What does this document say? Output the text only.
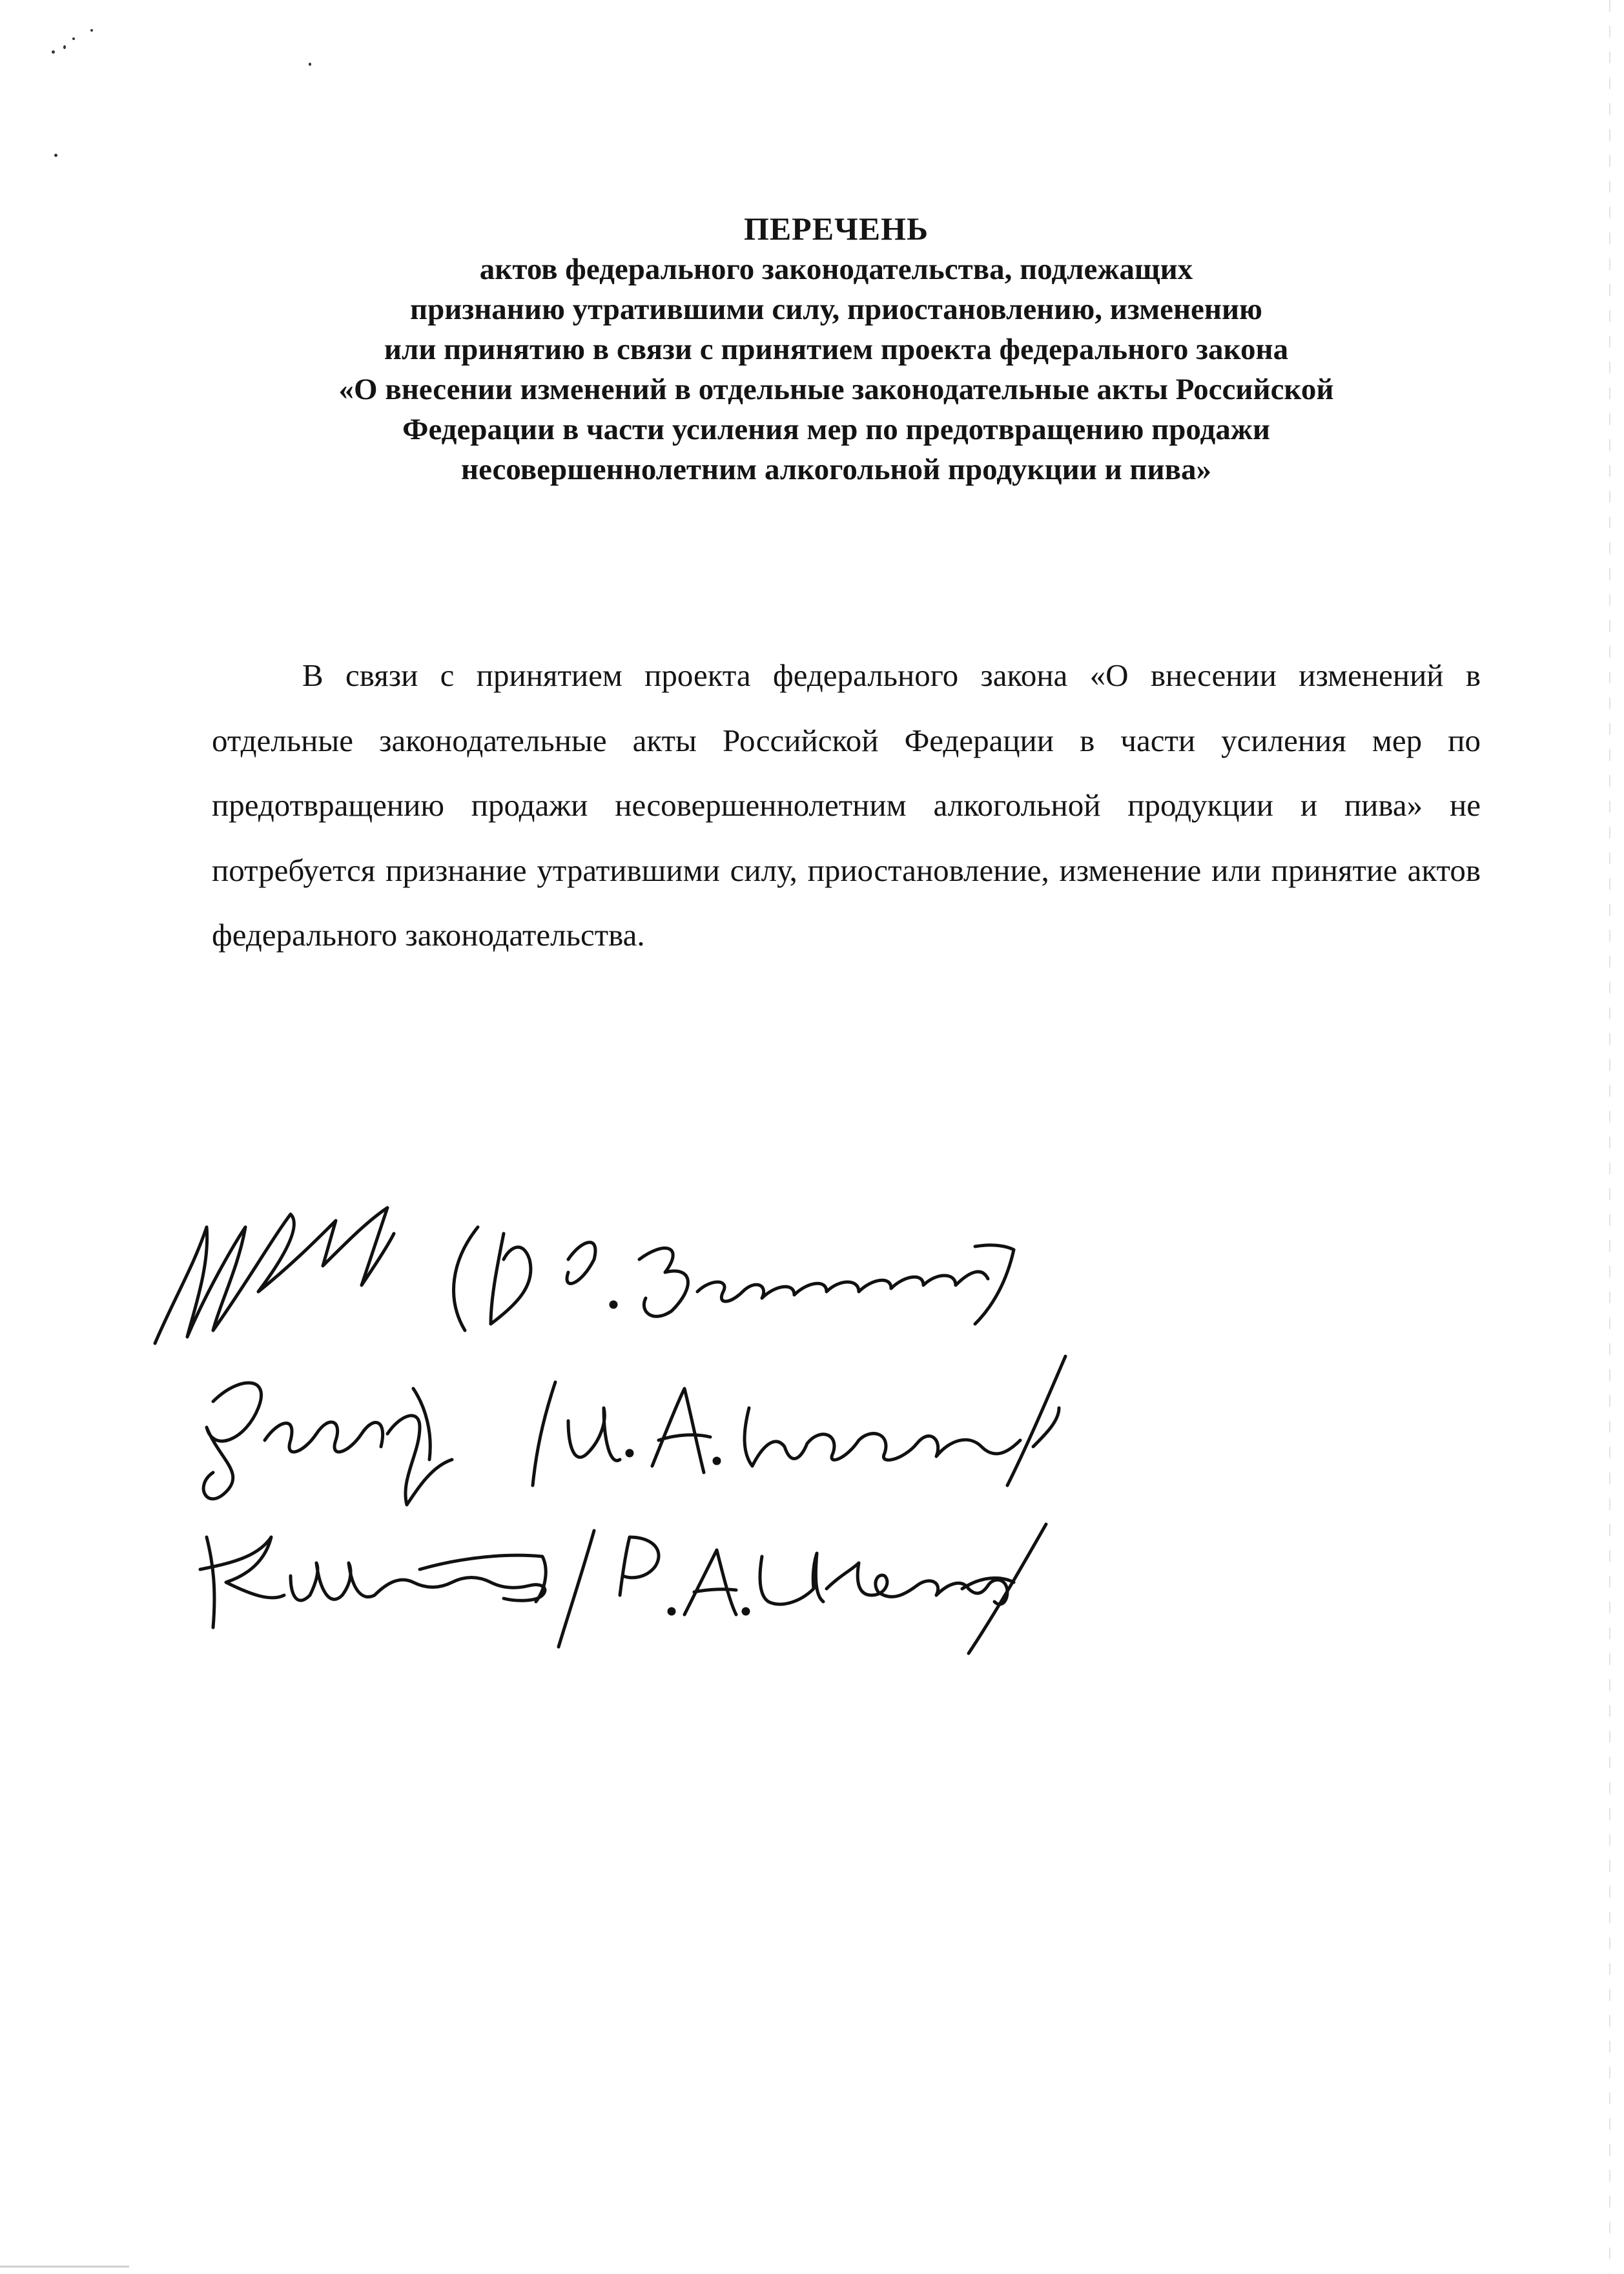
ПЕРЕЧЕНЬ
актов федерального законодательства, подлежащих
признанию утратившими силу, приостановлению, изменению
или принятию в связи с принятием проекта федерального закона
«О внесении изменений в отдельные законодательные акты Российской
Федерации в части усиления мер по предотвращению продажи
несовершеннолетним алкогольной продукции и пива»

В связи с принятием проекта федерального закона «О внесении изменений в отдельные законодательные акты Российской Федерации в части усиления мер по предотвращению продажи несовершеннолетним алкогольной продукции и пива» не потребуется признание утратившими силу, приостановление, изменение или принятие актов федерального законодательства.
